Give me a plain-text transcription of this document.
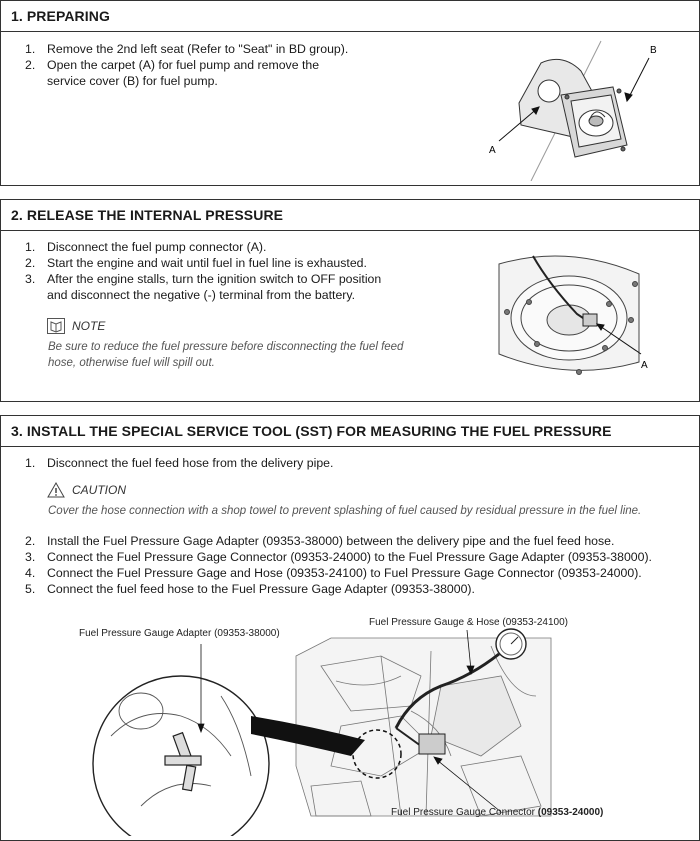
1. PREPARING
1. Remove the 2nd left seat (Refer to "Seat" in BD group).
2. Open the carpet (A) for fuel pump and remove the
service cover (B) for fuel pump.
A
B
2. RELEASE THE INTERNAL PRESSURE
1. Disconnect the fuel pump connector (A).
2. Start the engine and wait until fuel in fuel line is exhausted.
3. After the engine stalls, turn the ignition switch to OFF position
and disconnect the negative (-) terminal from the battery.
NOTE
Be sure to reduce the fuel pressure before disconnecting the fuel feed
hose, otherwise fuel will spill out.	A
3. INSTALL THE SPECIAL SERVICE TOOL (SST) FOR MEASURING THE FUEL PRESSURE
1. Disconnect the fuel feed hose from the delivery pipe.
CAUTION
Cover the hose connection with a shop towel to prevent splashing of fuel caused by residual pressure in the fuel line.
2. Install the Fuel Pressure Gage Adapter (09353-38000) between the delivery pipe and the fuel feed hose.
3. Connect the Fuel Pressure Gage Connector (09353-24000) to the Fuel Pressure Gage Adapter (09353-38000).
4. Connect the Fuel Pressure Gage and Hose (09353-24100) to Fuel Pressure Gage Connector (09353-24000).
5. Connect the fuel feed hose to the Fuel Pressure Gage Adapter (09353-38000).
Fuel Pressure Gauge Adapter (09353-38000)
Fuel Pressure Gauge & Hose (09353-24100)
Fuel Pressure Gauge Connector (09353-24000)
